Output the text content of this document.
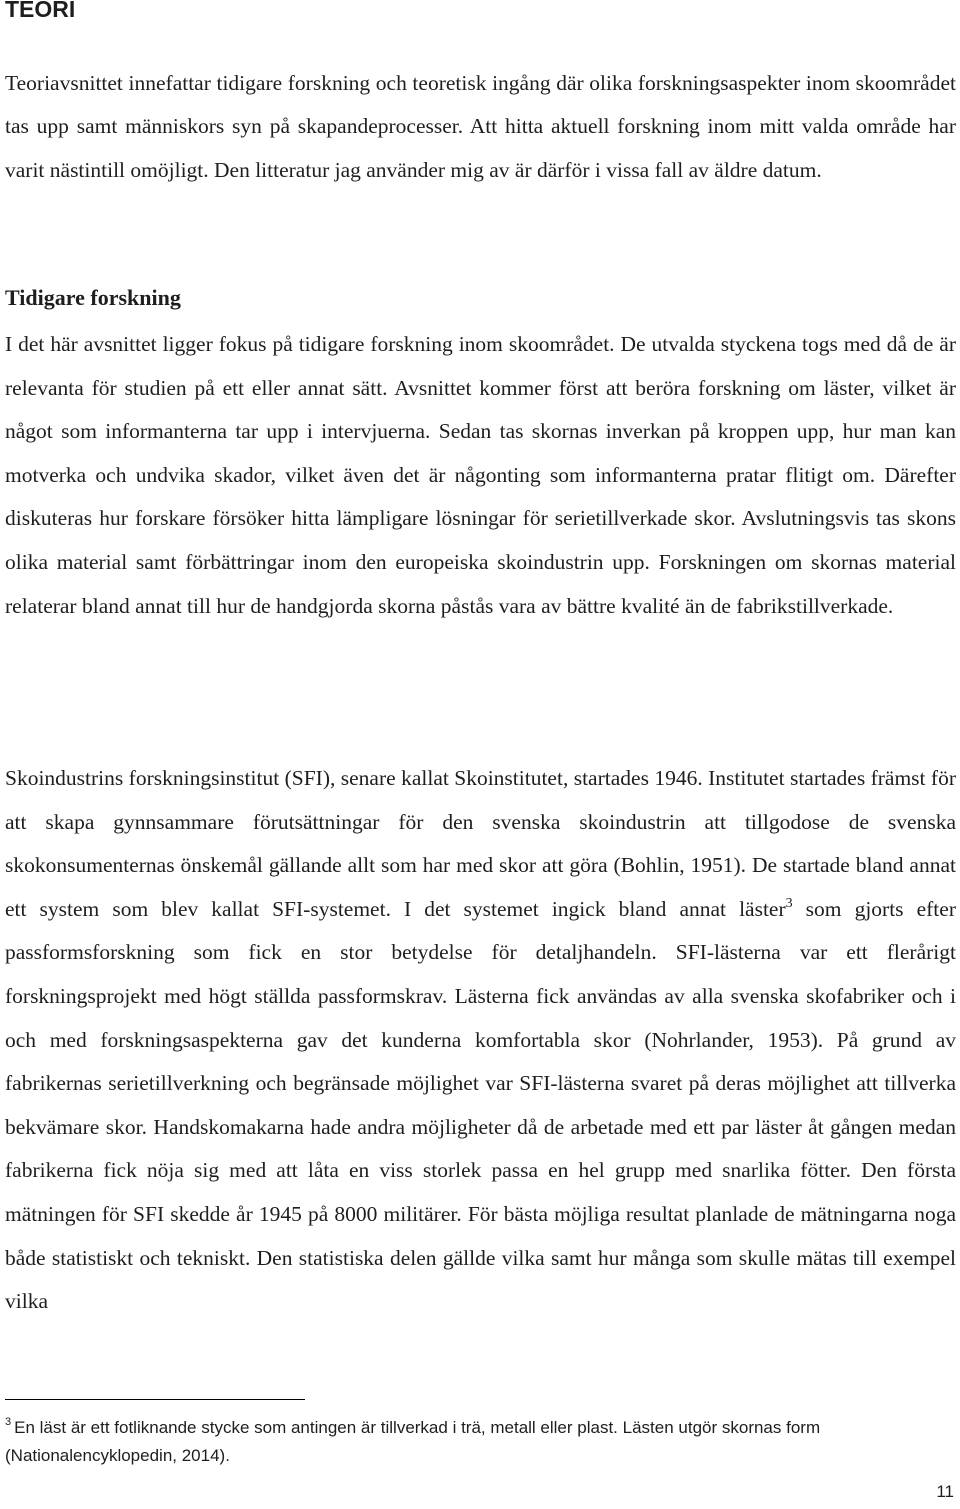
TEORI

Teoriavsnittet innefattar tidigare forskning och teoretisk ingång där olika forskningsaspekter inom skoområdet tas upp samt människors syn på skapandeprocesser. Att hitta aktuell forskning inom mitt valda område har varit nästintill omöjligt. Den litteratur jag använder mig av är därför i vissa fall av äldre datum.

Tidigare forskning

I det här avsnittet ligger fokus på tidigare forskning inom skoområdet. De utvalda styckena togs med då de är relevanta för studien på ett eller annat sätt. Avsnittet kommer först att beröra forskning om läster, vilket är något som informanterna tar upp i intervjuerna. Sedan tas skornas inverkan på kroppen upp, hur man kan motverka och undvika skador, vilket även det är någonting som informanterna pratar flitigt om. Därefter diskuteras hur forskare försöker hitta lämpligare lösningar för serietillverkade skor. Avslutningsvis tas skons olika material samt förbättringar inom den europeiska skoindustrin upp. Forskningen om skornas material relaterar bland annat till hur de handgjorda skorna påstås vara av bättre kvalité än de fabrikstillverkade.

Skoindustrins forskningsinstitut (SFI), senare kallat Skoinstitutet, startades 1946. Institutet startades främst för att skapa gynnsammare förutsättningar för den svenska skoindustrin att tillgodose de svenska skokonsumenternas önskemål gällande allt som har med skor att göra (Bohlin, 1951). De startade bland annat ett system som blev kallat SFI-systemet. I det systemet ingick bland annat läster$^3$ som gjorts efter passformsforskning som fick en stor betydelse för detaljhandeln. SFI-lästerna var ett flerårigt forskningsprojekt med högt ställda passformskrav. Lästerna fick användas av alla svenska skofabriker och i och med forskningsaspekterna gav det kunderna komfortabla skor (Nohrlander, 1953). På grund av fabrikernas serietillverkning och begränsade möjlighet var SFI-lästerna svaret på deras möjlighet att tillverka bekvämare skor. Handskomakarna hade andra möjligheter då de arbetade med ett par läster åt gången medan fabrikerna fick nöja sig med att låta en viss storlek passa en hel grupp med snarlika fötter. Den första mätningen för SFI skedde år 1945 på 8000 militärer. För bästa möjliga resultat planlade de mätningarna noga både statistiskt och tekniskt. Den statistiska delen gällde vilka samt hur många som skulle mätas till exempel vilka

$^3$ En läst är ett fotliknande stycke som antingen är tillverkad i trä, metall eller plast. Lästen utgör skornas form (Nationalencyklopedin, 2014).

11
